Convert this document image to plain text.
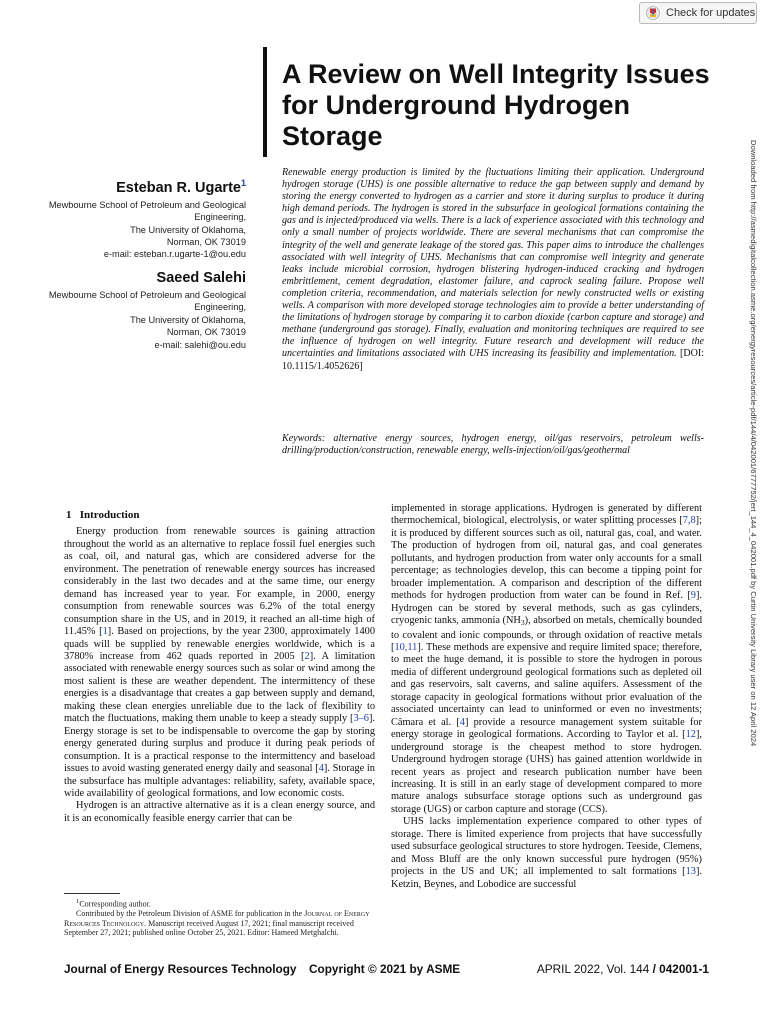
Check for updates
A Review on Well Integrity Issues for Underground Hydrogen Storage
Esteban R. Ugarte$^1$
Mewbourne School of Petroleum and Geological
Engineering,
The University of Oklahoma,
Norman, OK 73019
e-mail: esteban.r.ugarte-1@ou.edu
Saeed Salehi
Mewbourne School of Petroleum and Geological
Engineering,
The University of Oklahoma,
Norman, OK 73019
e-mail: salehi@ou.edu

Renewable energy production is limited by the fluctuations limiting their application. Underground hydrogen storage (UHS) is one possible alternative to reduce the gap between supply and demand by storing the energy converted to hydrogen as a carrier and store it during surplus to produce it during high demand periods. The hydrogen is stored in the subsurface in geological formations containing the gas and is injected/produced via wells. There is a lack of experience associated with this technology and only a small number of projects worldwide. There are several mechanisms that can compromise the integrity of the well and generate leakage of the stored gas. This paper aims to introduce the challenges associated with well integrity of UHS. Mechanisms that can compromise well integrity and generate leaks include microbial corrosion, hydrogen blistering hydrogen-induced cracking and hydrogen embrittlement, cement degradation, elastomer failure, and caprock sealing failure. Propose well completion criteria, recommendation, and materials selection for newly constructed wells or existing wells. A comparison with more developed storage technologies aim to provide a better understanding of the limitations of hydrogen storage by comparing it to carbon dioxide (carbon capture and storage) and methane (underground gas storage). Finally, evaluation and monitoring techniques are required to see the influence of hydrogen on well integrity. Future research and development will reduce the uncertainties and limitations associated with UHS increasing its feasibility and implementation. [DOI: 10.1115/1.4052626]

Keywords: alternative energy sources, hydrogen energy, oil/gas reservoirs, petroleum wells-drilling/production/construction, renewable energy, wells-injection/oil/gas/geothermal	Downloaded from http://asmedigitalcollection.asme.org/energyresources/article-pdf/144/4/042001/6777752/jert_144_4_042001.pdf by Curtin University Library user on 12 April 2024
1 Introduction

Energy production from renewable sources is gaining attraction throughout the world as an alternative to replace fossil fuel energies such as coal, oil, and natural gas, which are considered adverse for the environment. The penetration of renewable energy sources has increased considerably in the last two decades and at the same time, our energy demand has increased year to year. For example, in 2000, energy consumption from renewable sources was 6.2% of the total energy consumption share in the US, and in 2019, it reached an all-time high of 11.45% [1]. Based on projections, by the year 2300, approximately 1400 quads will be supplied by renewable energies worldwide, which is a 3780% increase from 462 quads reported in 2005 [2]. A limitation associated with renewable energy sources such as solar or wind among the most salient is these are weather dependent. The intermittency of these energies is a disadvantage that creates a gap between supply and demand, making these clean energies unreliable due to the lack of flexibility to match the fluctuations, making them unable to keep a steady supply [3–6]. Energy storage is set to be indispensable to overcome the gap by storing energy generated during surplus and produce it during peak periods of consumption. It is a practical response to the intermittency and baseload issues to avoid wasting generated energy daily and seasonal [4]. Storage in the subsurface has multiple advantages: reliability, safety, available space, wide availability of geological formations, and low economic costs.

Hydrogen is an attractive alternative as it is a clean energy source, and it is an economically feasible energy carrier that can be

implemented in storage applications. Hydrogen is generated by different thermochemical, biological, electrolysis, or water splitting processes [7,8]; it is produced by different sources such as oil, natural gas, coal, and water. The production of hydrogen from oil, natural gas, and coal generates pollutants, and hydrogen production from water only accounts for a small percentage; as technologies develop, this can become a tipping point for broader implementation. A comparison and description of the different methods for hydrogen production from water can be found in Ref. [9]. Hydrogen can be stored by several methods, such as gas cylinders, cryogenic tanks, ammonia $(NH_3)$, absorbed on metals, chemically bounded to covalent and ionic compounds, or through oxidation of reactive metals [10,11]. These methods are expensive and require limited space; therefore, to meet the huge demand, it is possible to store the hydrogen in porous media of different underground geological formations such as depleted oil and gas reservoirs, salt caverns, and saline aquifers. Assessment of the storage capacity in geological formations without prior evaluation of the associated uncertainty can lead to uninformed or even no investments; Câmara et al. [4] provide a resource management system suitable for energy storage in geological formations. According to Taylor et al. [12], underground storage is the cheapest method to store hydrogen. Underground hydrogen storage (UHS) has gained attention worldwide in recent years as project and research publication number have been increasing. It is still in an early stage of development compared to more mature analogs subsurface storage options such as underground gas storage (UGS) or carbon capture and storage (CCS).

UHS lacks implementation experience compared to other types of storage. There is limited experience from projects that have successfully used subsurface geological structures to store hydrogen. Teeside, Clemens, and Moss Bluff are the only known successful pure hydrogen (95%) projects in the US and UK; all implemented to salt formations [13]. Ketzin, Beynes, and Lobodice are successful

$^1$Corresponding author.

Contributed by the Petroleum Division of ASME for publication in the Journal of Energy Resources Technology. Manuscript received August 17, 2021; final manuscript received September 27, 2021; published online October 25, 2021. Editor: Hameed Metghalchi.

Journal of Energy Resources Technology Copyright © 2021 by ASME	APRIL 2022, Vol. 144 / 042001-1
